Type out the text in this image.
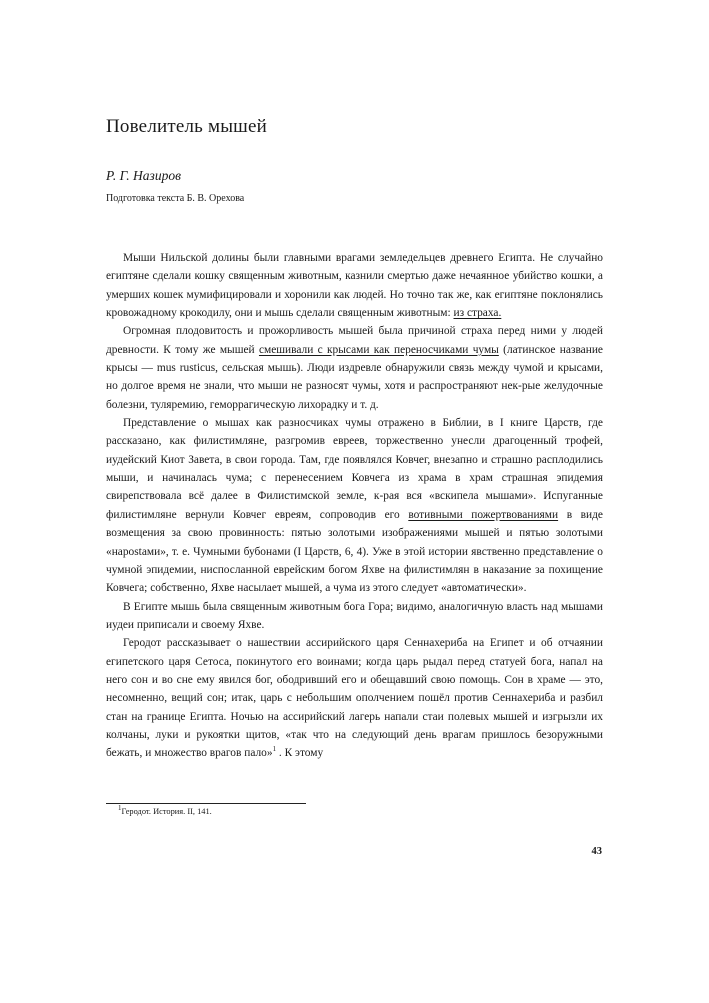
Повелитель мышей
Р. Г. Назиров
Подготовка текста Б. В. Орехова

Мыши Нильской долины были главными врагами земледельцев древнего Египта. Не случайно египтяне сделали кошку священным животным, казнили смертью даже нечаянное убийство кошки, а умерших кошек мумифицировали и хоронили как людей. Но точно так же, как египтяне поклонялись кровожадному крокодилу, они и мышь сделали священным животным: из страха.

Огромная плодовитость и прожорливость мышей была причиной страха перед ними у людей древности. К тому же мышей смешивали с крысами как переносчиками чумы (латинское название крысы — mus rusticus, сельская мышь). Люди издревле обнаружили связь между чумой и крысами, но долгое время не знали, что мыши не разносят чумы, хотя и распространяют нек-рые желудочные болезни, туляремию, геморрагическую лихорадку и т. д.

Представление о мышах как разносчиках чумы отражено в Библии, в I книге Царств, где рассказано, как филистимляне, разгромив евреев, торжественно унесли драгоценный трофей, иудейский Киот Завета, в свои города. Там, где появлялся Ковчег, внезапно и страшно расплодились мыши, и начиналась чума; с перенесением Ковчега из храма в храм страшная эпидемия свирепствовала всё далее в Филистимской земле, к-рая вся «вскипела мышами». Испуганные филистимляне вернули Ковчег евреям, сопроводив его вотивными пожертвованиями в виде возмещения за свою провинность: пятью золотыми изображениями мышей и пятью золотыми «нарostами», т. е. Чумными бубонами (I Царств, 6, 4). Уже в этой истории явственно представление о чумной эпидемии, ниспосланной еврейским богом Яхве на филистимлян в наказание за похищение Ковчега; собственно, Яхве насылает мышей, а чума из этого следует «автоматически».

В Египте мышь была священным животным бога Гора; видимо, аналогичную власть над мышами иудеи приписали и своему Яхве.

Геродот рассказывает о нашествии ассирийского царя Сеннахериба на Египет и об отчаянии египетского царя Сетоса, покинутого его воинами; когда царь рыдал перед статуей бога, напал на него сон и во сне ему явился бог, ободривший его и обещавший свою помощь. Сон в храме — это, несомненно, вещий сон; итак, царь с небольшим ополчением пошёл против Сеннахериба и разбил стан на границе Египта. Ночью на ассирийский лагерь напали стаи полевых мышей и изгрызли их колчаны, луки и рукоятки щитов, «так что на следующий день врагам пришлось безоружными бежать, и множество врагов пало»$^1$ . К этому

$^1$Геродот. История. II, 141.
43
